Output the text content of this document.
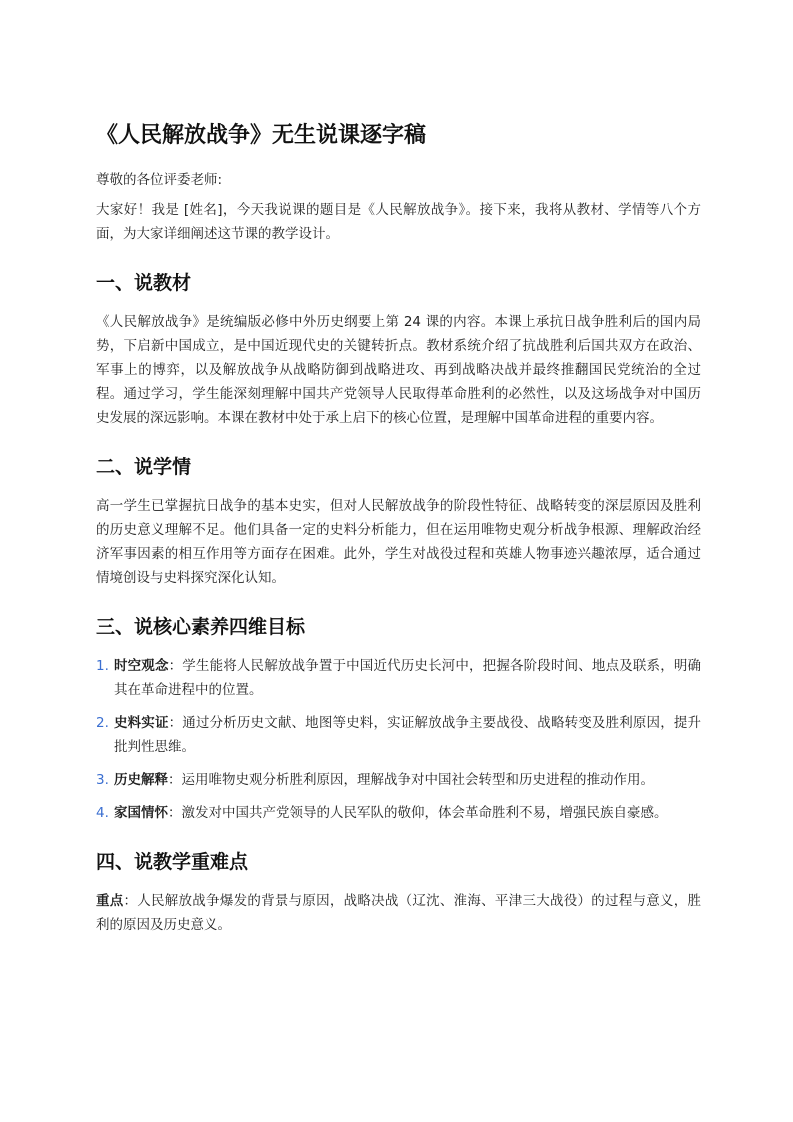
《人民解放战争》无生说课逐字稿

尊敬的各位评委老师:

大家好！我是 [姓名]，今天我说课的题目是《人民解放战争》。接下来，我将从教材、学情等八个方面，为大家详细阐述这节课的教学设计。

一、说教材

《人民解放战争》是统编版必修中外历史纲要上第 24 课的内容。本课上承抗日战争胜利后的国内局势，下启新中国成立，是中国近现代史的关键转折点。教材系统介绍了抗战胜利后国共双方在政治、军事上的博弈，以及解放战争从战略防御到战略进攻、再到战略决战并最终推翻国民党统治的全过程。通过学习，学生能深刻理解中国共产党领导人民取得革命胜利的必然性，以及这场战争对中国历史发展的深远影响。本课在教材中处于承上启下的核心位置，是理解中国革命进程的重要内容。

二、说学情

高一学生已掌握抗日战争的基本史实，但对人民解放战争的阶段性特征、战略转变的深层原因及胜利的历史意义理解不足。他们具备一定的史料分析能力，但在运用唯物史观分析战争根源、理解政治经济军事因素的相互作用等方面存在困难。此外，学生对战役过程和英雄人物事迹兴趣浓厚，适合通过情境创设与史料探究深化认知。

三、说核心素养四维目标
1. 时空观念：学生能将人民解放战争置于中国近代历史长河中，把握各阶段时间、地点及联系，明确其在革命进程中的位置。
2. 史料实证：通过分析历史文献、地图等史料，实证解放战争主要战役、战略转变及胜利原因，提升批判性思维。
3. 历史解释：运用唯物史观分析胜利原因，理解战争对中国社会转型和历史进程的推动作用。
4. 家国情怀：激发对中国共产党领导的人民军队的敬仰，体会革命胜利不易，增强民族自豪感。
四、说教学重难点

重点：人民解放战争爆发的背景与原因，战略决战（辽沈、淮海、平津三大战役）的过程与意义，胜利的原因及历史意义。
